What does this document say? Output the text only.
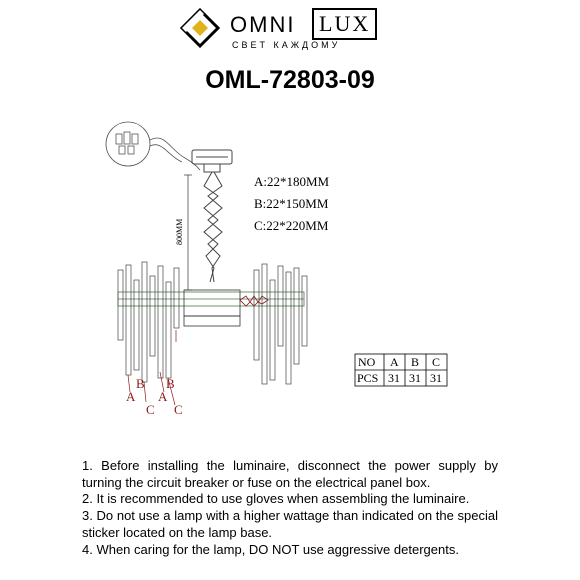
OMNI	LUX
СВЕТ КАЖДОМУ
OML-72803-09
800MM
A
B
C
A
B
C
A:22*180MM
B:22*150MM
C:22*220MM
NO A B C
PCS 31 31 31

1. Before installing the luminaire, disconnect the power supply by turning the circuit breaker or fuse on the electrical panel box.

2. It is recommended to use gloves when assembling the luminaire.

3. Do not use a lamp with a higher wattage than indicated on the special sticker located on the lamp base.

4. When caring for the lamp, DO NOT use aggressive detergents.
